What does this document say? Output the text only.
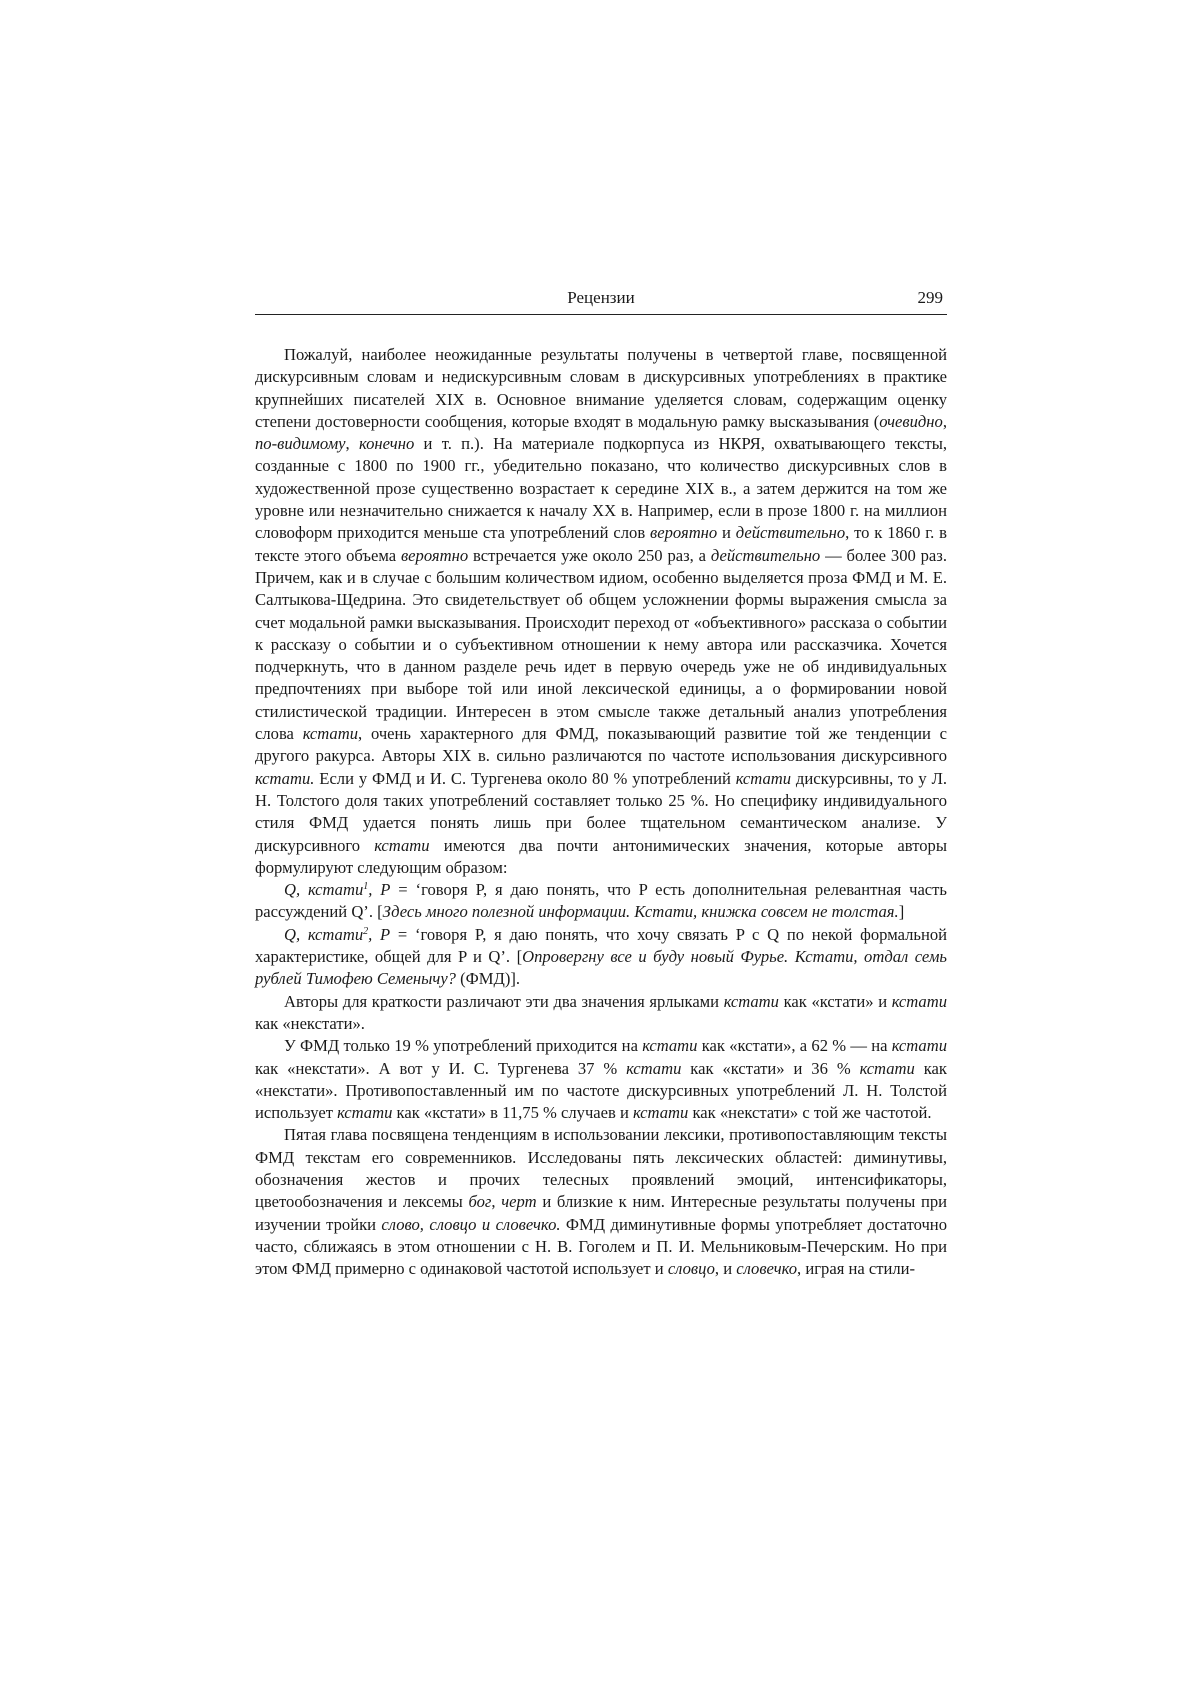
Рецензии	299

Пожалуй, наиболее неожиданные результаты получены в четвертой главе, посвященной дискурсивным словам и недискурсивным словам в дискурсивных употреблениях в практике крупнейших писателей XIX в. Основное внимание уделяется словам, содержащим оценку степени достоверности сообщения, которые входят в модальную рамку высказывания (очевидно, по-видимому, конечно и т. п.). На материале подкорпуса из НКРЯ, охватывающего тексты, созданные с 1800 по 1900 гг., убедительно показано, что количество дискурсивных слов в художественной прозе существенно возрастает к середине XIX в., а затем держится на том же уровне или незначительно снижается к началу XX в. Например, если в прозе 1800 г. на миллион словоформ приходится меньше ста употреблений слов вероятно и действительно, то к 1860 г. в тексте этого объема вероятно встречается уже около 250 раз, а действительно — более 300 раз. Причем, как и в случае с большим количеством идиом, особенно выделяется проза ФМД и М. Е. Салтыкова-Щедрина. Это свидетельствует об общем усложнении формы выражения смысла за счет модальной рамки высказывания. Происходит переход от «объективного» рассказа о событии к рассказу о событии и о субъективном отношении к нему автора или рассказчика. Хочется подчеркнуть, что в данном разделе речь идет в первую очередь уже не об индивидуальных предпочтениях при выборе той или иной лексической единицы, а о формировании новой стилистической традиции. Интересен в этом смысле также детальный анализ употребления слова кстати, очень характерного для ФМД, показывающий развитие той же тенденции с другого ракурса. Авторы XIX в. сильно различаются по частоте использования дискурсивного кстати. Если у ФМД и И. С. Тургенева около 80 % употреблений кстати дискурсивны, то у Л. Н. Толстого доля таких употреблений составляет только 25 %. Но специфику индивидуального стиля ФМД удается понять лишь при более тщательном семантическом анализе. У дискурсивного кстати имеются два почти антонимических значения, которые авторы формулируют следующим образом:

Q, кстати$^1$, P = ‘говоря P, я даю понять, что P есть дополнительная релевантная часть рассуждений Q’. [Здесь много полезной информации. Кстати, книжка совсем не толстая.]

Q, кстати$^2$, P = ‘говоря P, я даю понять, что хочу связать P с Q по некой формальной характеристике, общей для P и Q’. [Опровергну все и буду новый Фурье. Кстати, отдал семь рублей Тимофею Семенычу? (ФМД)].

Авторы для краткости различают эти два значения ярлыками кстати как «кстати» и кстати как «некстати».

У ФМД только 19 % употреблений приходится на кстати как «кстати», а 62 % — на кстати как «некстати». А вот у И. С. Тургенева 37 % кстати как «кстати» и 36 % кстати как «некстати». Противопоставленный им по частоте дискурсивных употреблений Л. Н. Толстой использует кстати как «кстати» в 11,75 % случаев и кстати как «некстати» с той же частотой.

Пятая глава посвящена тенденциям в использовании лексики, противопоставляющим тексты ФМД текстам его современников. Исследованы пять лексических областей: диминутивы, обозначения жестов и прочих телесных проявлений эмоций, интенсификаторы, цветообозначения и лексемы бог, черт и близкие к ним. Интересные результаты получены при изучении тройки слово, словцо и словечко. ФМД диминутивные формы употребляет достаточно часто, сближаясь в этом отношении с Н. В. Гоголем и П. И. Мельниковым-Печерским. Но при этом ФМД примерно с одинаковой частотой использует и словцо, и словечко, играя на стили-
